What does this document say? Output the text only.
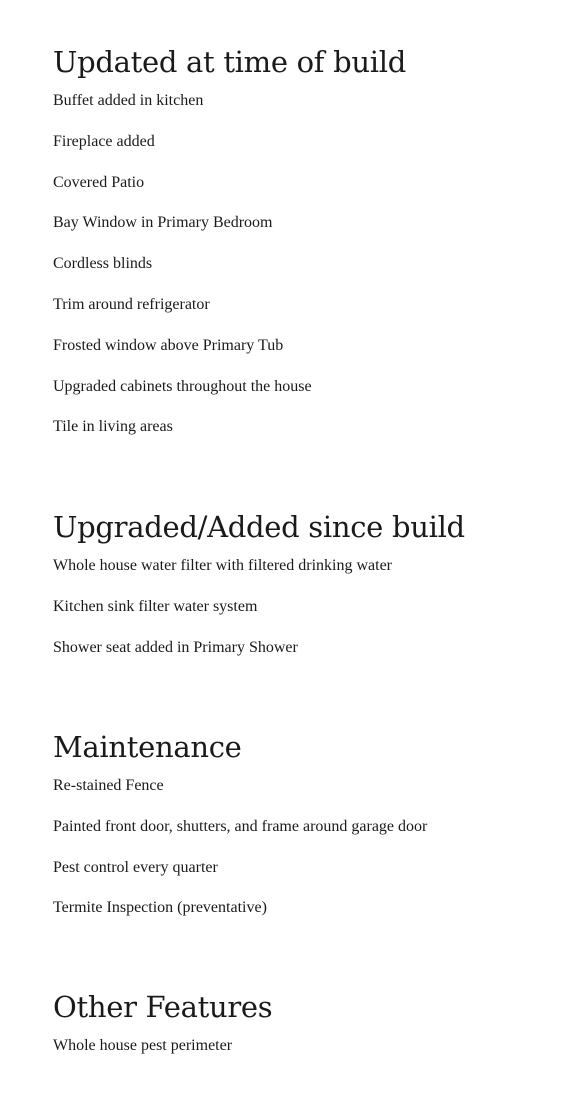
Updated at time of build

Buffet added in kitchen

Fireplace added

Covered Patio

Bay Window in Primary Bedroom

Cordless blinds

Trim around refrigerator

Frosted window above Primary Tub

Upgraded cabinets throughout the house

Tile in living areas

Upgraded/Added since build

Whole house water filter with filtered drinking water

Kitchen sink filter water system

Shower seat added in Primary Shower

Maintenance

Re-stained Fence

Painted front door, shutters, and frame around garage door

Pest control every quarter

Termite Inspection (preventative)

Other Features

Whole house pest perimeter
